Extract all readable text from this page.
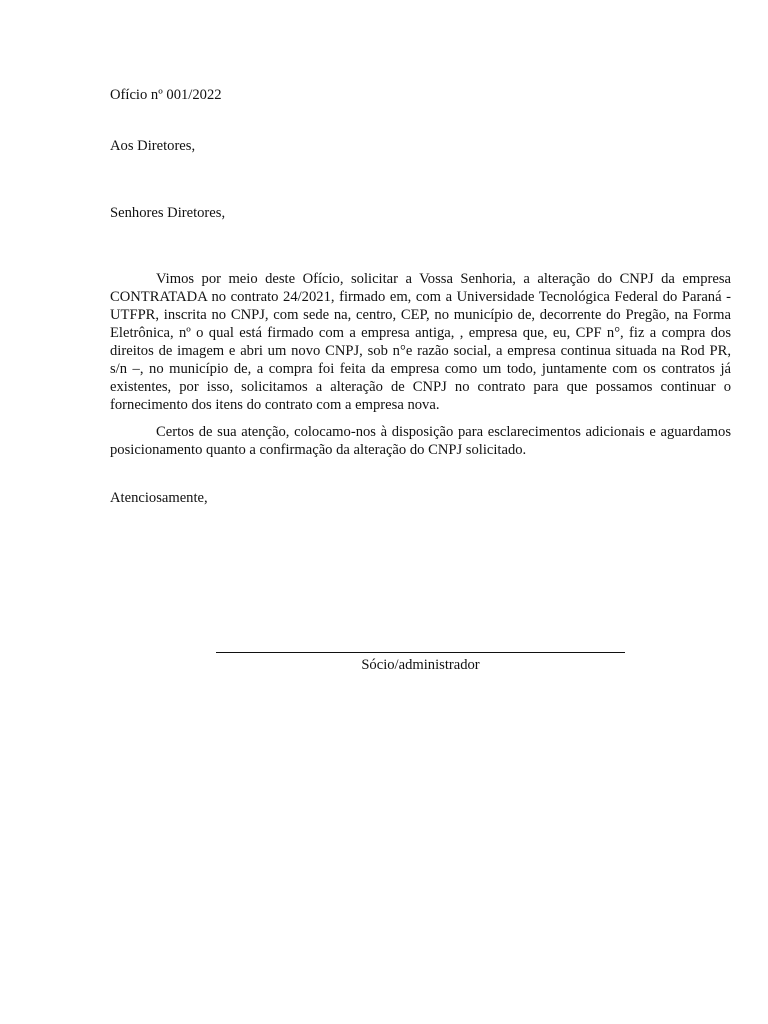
Ofício nº 001/2022
Aos Diretores,
Senhores Diretores,

Vimos por meio deste Ofício, solicitar a Vossa Senhoria, a alteração do CNPJ da empresa CONTRATADA no contrato 24/2021, firmado em, com a Universidade Tecnológica Federal do Paraná - UTFPR, inscrita no CNPJ, com sede na, centro, CEP, no município de, decorrente do Pregão, na Forma Eletrônica, nº o qual está firmado com a empresa antiga, , empresa que, eu, CPF n°, fiz a compra dos direitos de imagem e abri um novo CNPJ, sob n°e razão social, a empresa continua situada na Rod PR, s/n –, no município de, a compra foi feita da empresa como um todo, juntamente com os contratos já existentes, por isso, solicitamos a alteração de CNPJ no contrato para que possamos continuar o fornecimento dos itens do contrato com a empresa nova.

Certos de sua atenção, colocamo-nos à disposição para esclarecimentos adicionais e aguardamos posicionamento quanto a confirmação da alteração do CNPJ solicitado.

Atenciosamente,
Sócio/administrador
